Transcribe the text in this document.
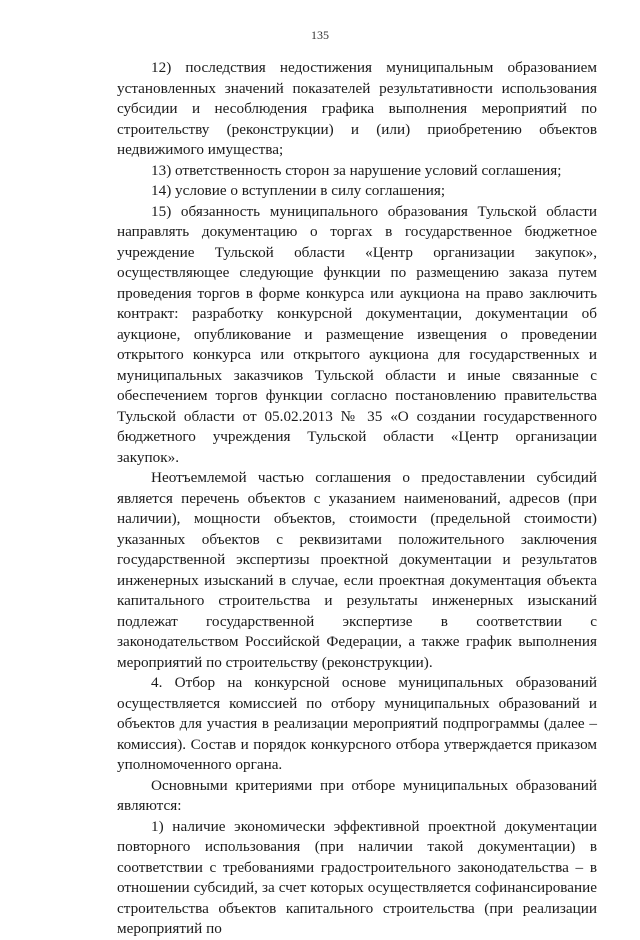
135

12) последствия недостижения муниципальным образованием установленных значений показателей результативности использования субсидии и несоблюдения графика выполнения мероприятий по строительству (реконструкции) и (или) приобретению объектов недвижимого имущества;

13) ответственность сторон за нарушение условий соглашения;

14) условие о вступлении в силу соглашения;

15) обязанность муниципального образования Тульской области направлять документацию о торгах в государственное бюджетное учреждение Тульской области «Центр организации закупок», осуществляющее следующие функции по размещению заказа путем проведения торгов в форме конкурса или аукциона на право заключить контракт: разработку конкурсной документации, документации об аукционе, опубликование и размещение извещения о проведении открытого конкурса или открытого аукциона для государственных и муниципальных заказчиков Тульской области и иные связанные с обеспечением торгов функции согласно постановлению правительства Тульской области от 05.02.2013 № 35 «О создании государственного бюджетного учреждения Тульской области «Центр организации закупок».

Неотъемлемой частью соглашения о предоставлении субсидий является перечень объектов с указанием наименований, адресов (при наличии), мощности объектов, стоимости (предельной стоимости) указанных объектов с реквизитами положительного заключения государственной экспертизы проектной документации и результатов инженерных изысканий в случае, если проектная документация объекта капитального строительства и результаты инженерных изысканий подлежат государственной экспертизе в соответствии с законодательством Российской Федерации, а также график выполнения мероприятий по строительству (реконструкции).

4. Отбор на конкурсной основе муниципальных образований осуществляется комиссией по отбору муниципальных образований и объектов для участия в реализации мероприятий подпрограммы (далее – комиссия). Состав и порядок конкурсного отбора утверждается приказом уполномоченного органа.

Основными критериями при отборе муниципальных образований являются:

1) наличие экономически эффективной проектной документации повторного использования (при наличии такой документации) в соответствии с требованиями градостроительного законодательства – в отношении субсидий, за счет которых осуществляется софинансирование строительства объектов капитального строительства (при реализации мероприятий по
